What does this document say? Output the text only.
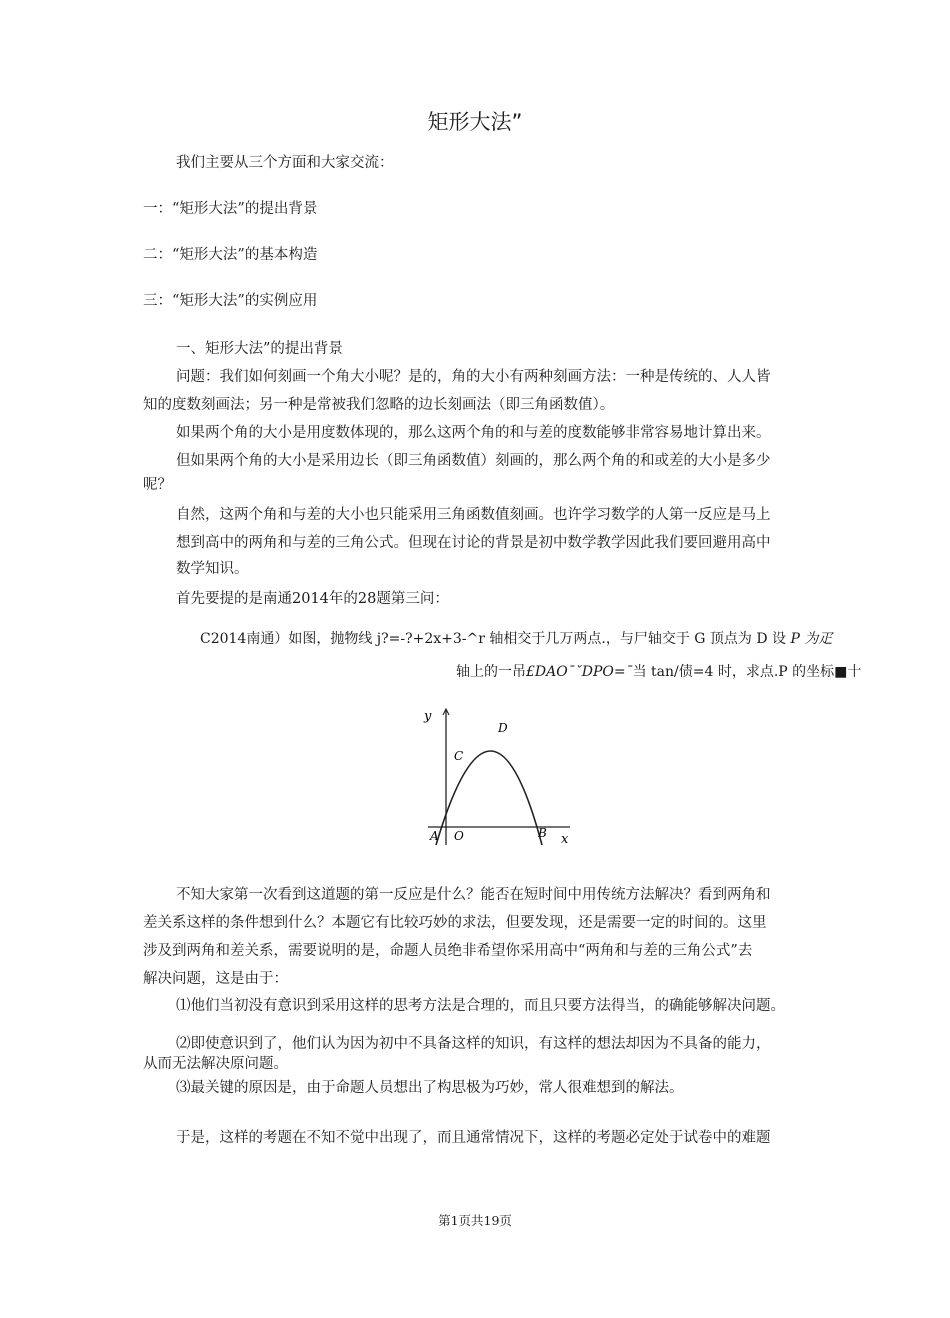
矩形大法”
我们主要从三个方面和大家交流：
一：“矩形大法”的提出背景
二：“矩形大法”的基本构造
三：“矩形大法”的实例应用
一、矩形大法”的提出背景
问题：我们如何刻画一个角大小呢？是的，角的大小有两种刻画方法：一种是传统的、人人皆
知的度数刻画法；另一种是常被我们忽略的边长刻画法（即三角函数值）。
如果两个角的大小是用度数体现的，那么这两个角的和与差的度数能够非常容易地计算出来。
但如果两个角的大小是采用边长（即三角函数值）刻画的，那么两个角的和或差的大小是多少
呢？
自然，这两个角和与差的大小也只能采用三角函数值刻画。也许学习数学的人第一反应是马上
想到高中的两角和与差的三角公式。但现在讨论的背景是初中数学教学因此我们要回避用高中
数学知识。
首先要提的是南通2014年的28题第三问：
C2014南通）如图，抛物线 j?=-?+2x+3-^r 轴相交于几万两点.，与尸轴交于 G 顶点为 D 设 P 为疋
轴上的一吊£DAO¯ˇDPO=¯当 tan/债=4 时，求点.P 的坐标■十
y
x
A O	B
C
D
不知大家第一次看到这道题的第一反应是什么？能否在短时间中用传统方法解决？看到两角和
差关系这样的条件想到什么？本题它有比较巧妙的求法，但要发现，还是需要一定的时间的。这里
涉及到两角和差关系，需要说明的是，命题人员绝非希望你采用高中“两角和与差的三角公式”去
解决问题，这是由于：
⑴他们当初没有意识到采用这样的思考方法是合理的，而且只要方法得当，的确能够解决问题。
⑵即使意识到了，他们认为因为初中不具备这样的知识，有这样的想法却因为不具备的能力，
从而无法解决原问题。
⑶最关键的原因是，由于命题人员想出了构思极为巧妙，常人很难想到的解法。
于是，这样的考题在不知不觉中出现了，而且通常情况下，这样的考题必定处于试卷中的难题
第1页共19页
